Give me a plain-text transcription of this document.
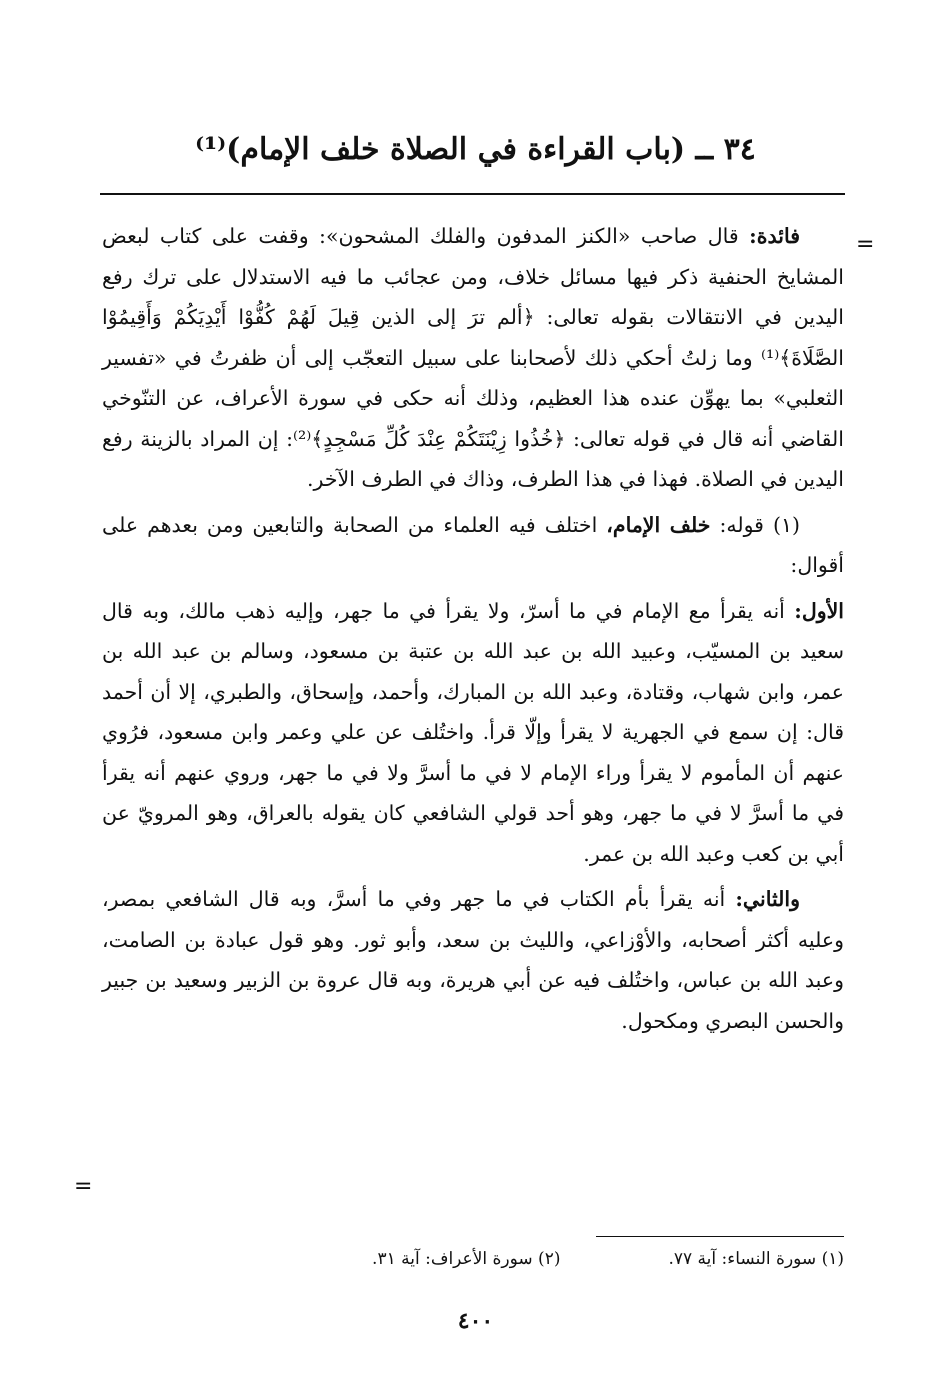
٣٤ ــ (باب القراءة في الصلاة خلف الإمام)⁽¹⁾
=

فائدة: قال صاحب «الكنز المدفون والفلك المشحون»: وقفت على كتاب لبعض المشايخ الحنفية ذكر فيها مسائل خلاف، ومن عجائب ما فيه الاستدلال على ترك رفع اليدين في الانتقالات بقوله تعالى: ﴿ألم ترَ إلى الذين قِيلَ لَهُمْ كُفُّوْا أَيْدِيَكُمْ وَأَقِيمُوْا الصَّلَاةَ﴾⁽¹⁾ وما زلتُ أحكي ذلك لأصحابنا على سبيل التعجّب إلى أن ظفرتُ في «تفسير الثعلبي» بما يهوِّن عنده هذا العظيم، وذلك أنه حكى في سورة الأعراف، عن التنّوخي القاضي أنه قال في قوله تعالى: ﴿خُذُوا زِيْنَتَكُمْ عِنْدَ كُلِّ مَسْجِدٍ﴾⁽²⁾: إن المراد بالزينة رفع اليدين في الصلاة. فهذا في هذا الطرف، وذاك في الطرف الآخر.

(١) قوله: خلف الإمام، اختلف فيه العلماء من الصحابة والتابعين ومن بعدهم على أقوال:

الأول: أنه يقرأ مع الإمام في ما أسرّ، ولا يقرأ في ما جهر، وإليه ذهب مالك، وبه قال سعيد بن المسيّب، وعبيد الله بن عبد الله بن عتبة بن مسعود، وسالم بن عبد الله بن عمر، وابن شهاب، وقتادة، وعبد الله بن المبارك، وأحمد، وإسحاق، والطبري، إلا أن أحمد قال: إن سمع في الجهرية لا يقرأ وإلّا قرأ. واختُلف عن علي وعمر وابن مسعود، فرُوي عنهم أن المأموم لا يقرأ وراء الإمام لا في ما أسرَّ ولا في ما جهر، وروي عنهم أنه يقرأ في ما أسرَّ لا في ما جهر، وهو أحد قولي الشافعي كان يقوله بالعراق، وهو المرويّ عن أبي بن كعب وعبد الله بن عمر.

والثاني: أنه يقرأ بأم الكتاب في ما جهر وفي ما أسرَّ، وبه قال الشافعي بمصر، وعليه أكثر أصحابه، والأوْزاعي، والليث بن سعد، وأبو ثور. وهو قول عبادة بن الصامت، وعبد الله بن عباس، واختُلف فيه عن أبي هريرة، وبه قال عروة بن الزبير وسعيد بن جبير والحسن البصري ومكحول.

=
(١) سورة النساء: آية ٧٧.
(٢) سورة الأعراف: آية ٣١.
٤٠٠
